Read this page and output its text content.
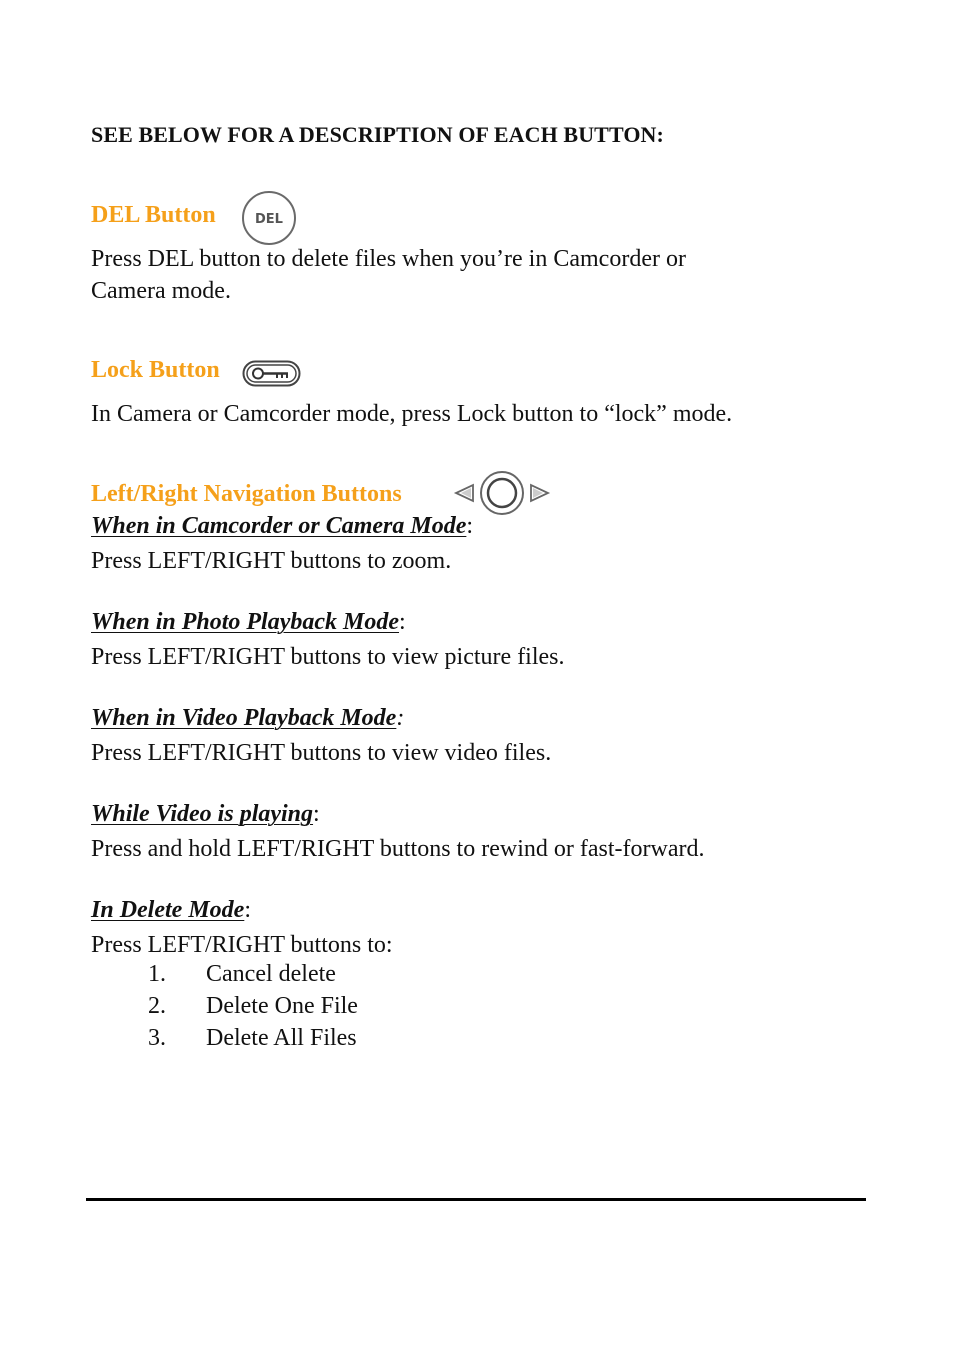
SEE BELOW FOR A DESCRIPTION OF EACH BUTTON:
DEL Button	DEL
Press DEL button to delete files when you’re in Camcorder or
Camera mode.
Lock Button
In Camera or Camcorder mode, press Lock button to “lock” mode.
Left/Right Navigation Buttons
When in Camcorder or Camera Mode:
Press LEFT/RIGHT buttons to zoom.
When in Photo Playback Mode:
Press LEFT/RIGHT buttons to view picture files.
When in Video Playback Mode:
Press LEFT/RIGHT buttons to view video files.
While Video is playing:
Press and hold LEFT/RIGHT buttons to rewind or fast-forward.
In Delete Mode:
Press LEFT/RIGHT buttons to:
1. Cancel delete
2. Delete One File
3. Delete All Files
